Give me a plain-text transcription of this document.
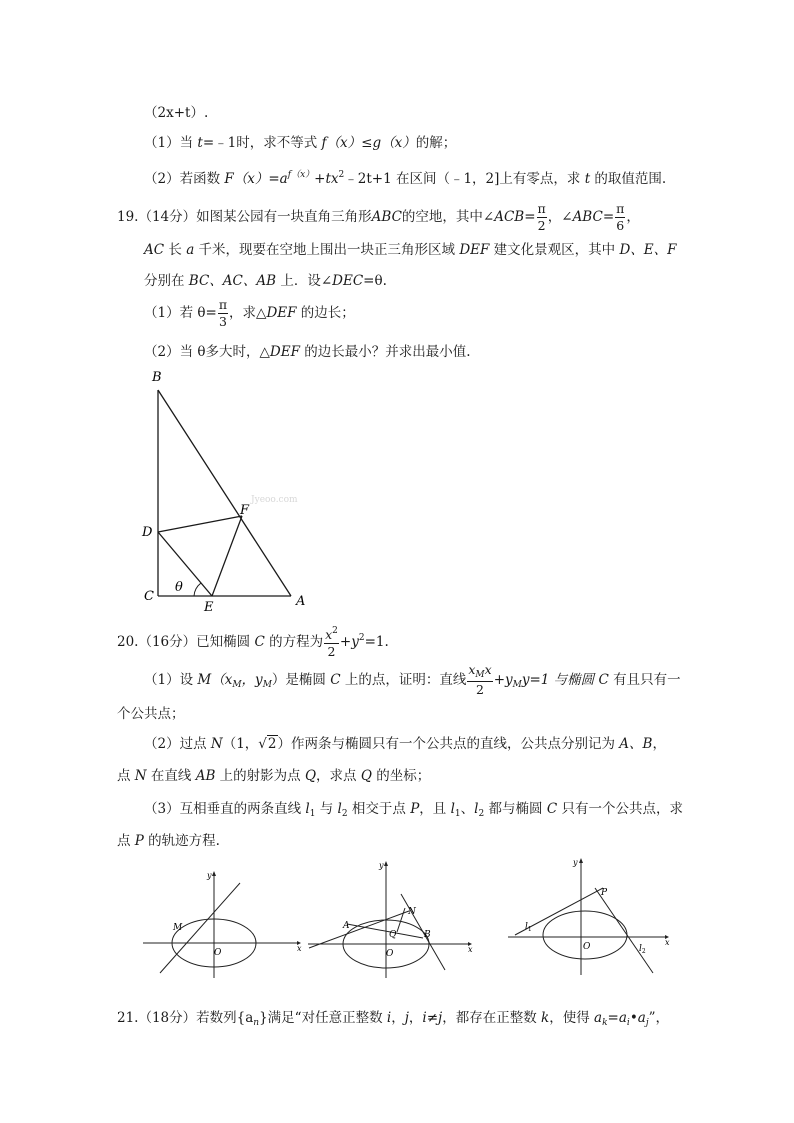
（2x+t）.
（1）当 t=﹣1时，求不等式 f（x）≤g（x）的解；
（2）若函数 $F(x)=a^{f(x)}+tx^2﹣2t+1$ 在区间（﹣1，2]上有零点，求 t 的取值范围.
19.（14分）如图某公园有一块直角三角形ABC的空地，其中∠ACB= $\frac{\pi}{2}$ ，∠ABC= $\frac{\pi}{6}$ ，
AC 长 a 千米，现要在空地上围出一块正三角形区域 DEF 建文化景观区，其中 D、E、F
分别在 BC、AC、AB 上．设∠DEC=θ.
（1）若 $\theta= \frac{\pi}{3}$ ，求△DEF 的边长；
（2）当 θ多大时，△DEF 的边长最小？并求出最小值.
Jyeoo.com
B
D
C
E	A
F
θ
20.（16分）已知椭圆 C 的方程为 $\frac{x^2}{2} +y^2=1$.
（1）设 $M(x_M$，$y_M$）是椭圆 C 上的点，证明：直线 $\frac{x_Mx}{2} +y_My=1$ 与椭圆 C 有且只有一
个公共点；
（2）过点 N（1，√2）作两条与椭圆只有一个公共点的直线，公共点分别记为 A、B，
点 N 在直线 AB 上的射影为点 Q，求点 Q 的坐标；
（3）互相垂直的两条直线 $l_1$ 与 $l_2$ 相交于点 P，且 $l_1$、$l_2$ 都与椭圆 C 只有一个公共点，求
点 P 的轨迹方程.
x
y
M
O	x
y
N
A
B
Q
O
x
y
P
$l_1$
$l_2$
O
21.（18分）若数列$\{a_n\}$满足“对任意正整数 i，j，i≠j，都存在正整数 k，使得 $a_k=a_i•a_j$”，
